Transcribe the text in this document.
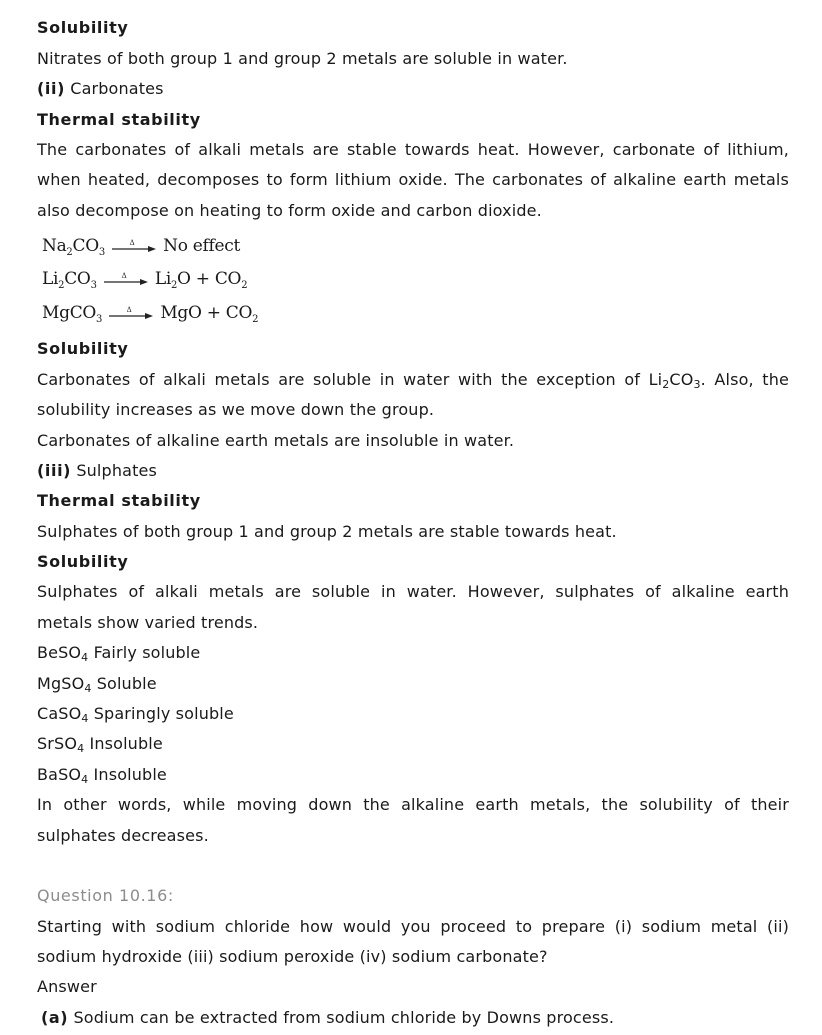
Solubility
Nitrates of both group 1 and group 2 metals are soluble in water.
(ii) Carbonates
Thermal stability
The carbonates of alkali metals are stable towards heat. However, carbonate of lithium,
when heated, decomposes to form lithium oxide. The carbonates of alkaline earth metals
also decompose on heating to form oxide and carbon dioxide.
$Na_2CO_3$
Δ No effect
$Li_2CO_3$
Δ $Li_2O + CO_2$
MgCO$_3$
Δ MgO + $CO_2$
Solubility
Carbonates of alkali metals are soluble in water with the exception of $Li_2CO_3$. Also, the
solubility increases as we move down the group.
Carbonates of alkaline earth metals are insoluble in water.
(iii) Sulphates
Thermal stability
Sulphates of both group 1 and group 2 metals are stable towards heat.
Solubility
Sulphates of alkali metals are soluble in water. However, sulphates of alkaline earth
metals show varied trends.
BeSO$_4$ Fairly soluble
MgSO$_4$ Soluble
CaSO$_4$ Sparingly soluble
SrSO$_4$ Insoluble
BaSO$_4$ Insoluble
In other words, while moving down the alkaline earth metals, the solubility of their
sulphates decreases.
Question 10.16:
Starting with sodium chloride how would you proceed to prepare (i) sodium metal (ii)
sodium hydroxide (iii) sodium peroxide (iv) sodium carbonate?
Answer
(a) Sodium can be extracted from sodium chloride by Downs process.
